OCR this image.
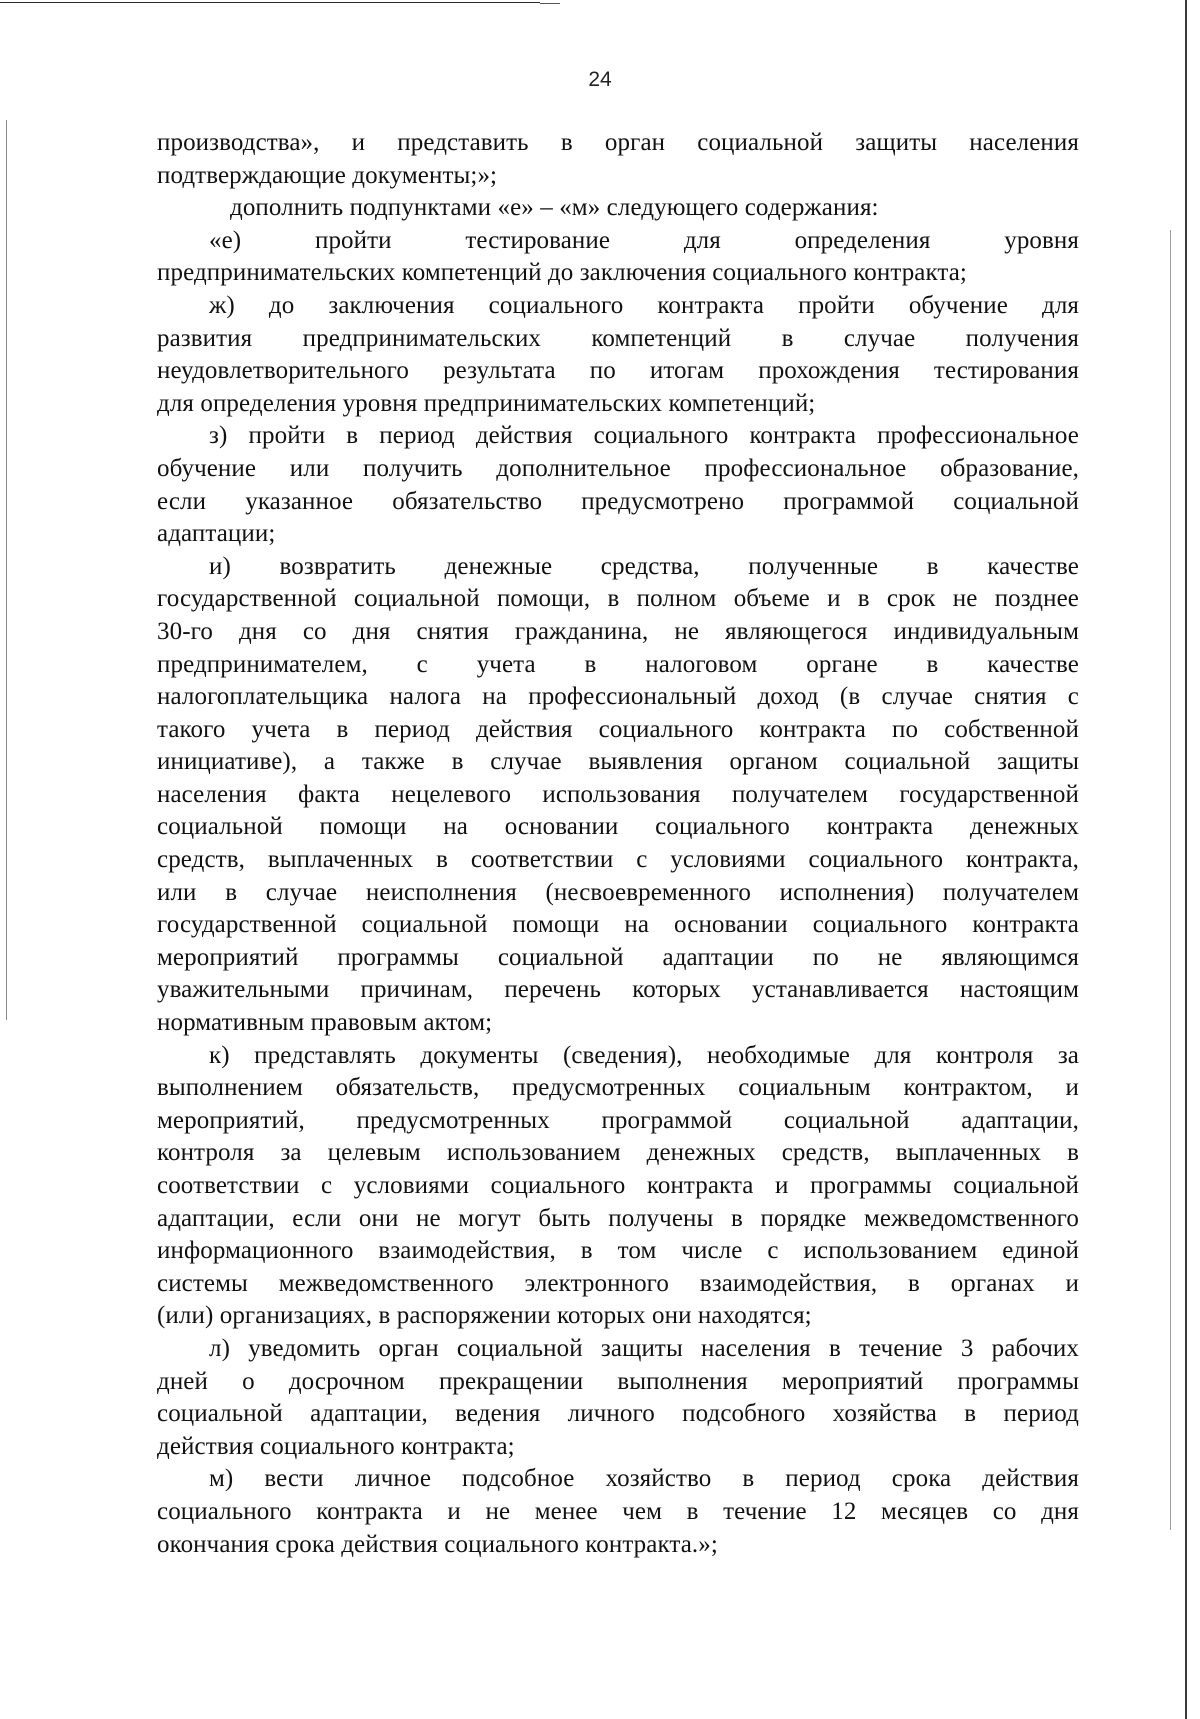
24
производства», и представить в орган социальной защиты населения
подтверждающие документы;»;
дополнить подпунктами «е» – «м» следующего содержания:
«е) пройти тестирование для определения уровня
предпринимательских компетенций до заключения социального контракта;
ж) до заключения социального контракта пройти обучение для
развития предпринимательских компетенций в случае получения
неудовлетворительного результата по итогам прохождения тестирования
для определения уровня предпринимательских компетенций;
з) пройти в период действия социального контракта профессиональное
обучение или получить дополнительное профессиональное образование,
если указанное обязательство предусмотрено программой социальной
адаптации;
и) возвратить денежные средства, полученные в качестве
государственной социальной помощи, в полном объеме и в срок не позднее
30-го дня со дня снятия гражданина, не являющегося индивидуальным
предпринимателем, с учета в налоговом органе в качестве
налогоплательщика налога на профессиональный доход (в случае снятия с
такого учета в период действия социального контракта по собственной
инициативе), а также в случае выявления органом социальной защиты
населения факта нецелевого использования получателем государственной
социальной помощи на основании социального контракта денежных
средств, выплаченных в соответствии с условиями социального контракта,
или в случае неисполнения (несвоевременного исполнения) получателем
государственной социальной помощи на основании социального контракта
мероприятий программы социальной адаптации по не являющимся
уважительными причинам, перечень которых устанавливается настоящим
нормативным правовым актом;
к) представлять документы (сведения), необходимые для контроля за
выполнением обязательств, предусмотренных социальным контрактом, и
мероприятий, предусмотренных программой социальной адаптации,
контроля за целевым использованием денежных средств, выплаченных в
соответствии с условиями социального контракта и программы социальной
адаптации, если они не могут быть получены в порядке межведомственного
информационного взаимодействия, в том числе с использованием единой
системы межведомственного электронного взаимодействия, в органах и
(или) организациях, в распоряжении которых они находятся;
л) уведомить орган социальной защиты населения в течение 3 рабочих
дней о досрочном прекращении выполнения мероприятий программы
социальной адаптации, ведения личного подсобного хозяйства в период
действия социального контракта;
м) вести личное подсобное хозяйство в период срока действия
социального контракта и не менее чем в течение 12 месяцев со дня
окончания срока действия социального контракта.»;
